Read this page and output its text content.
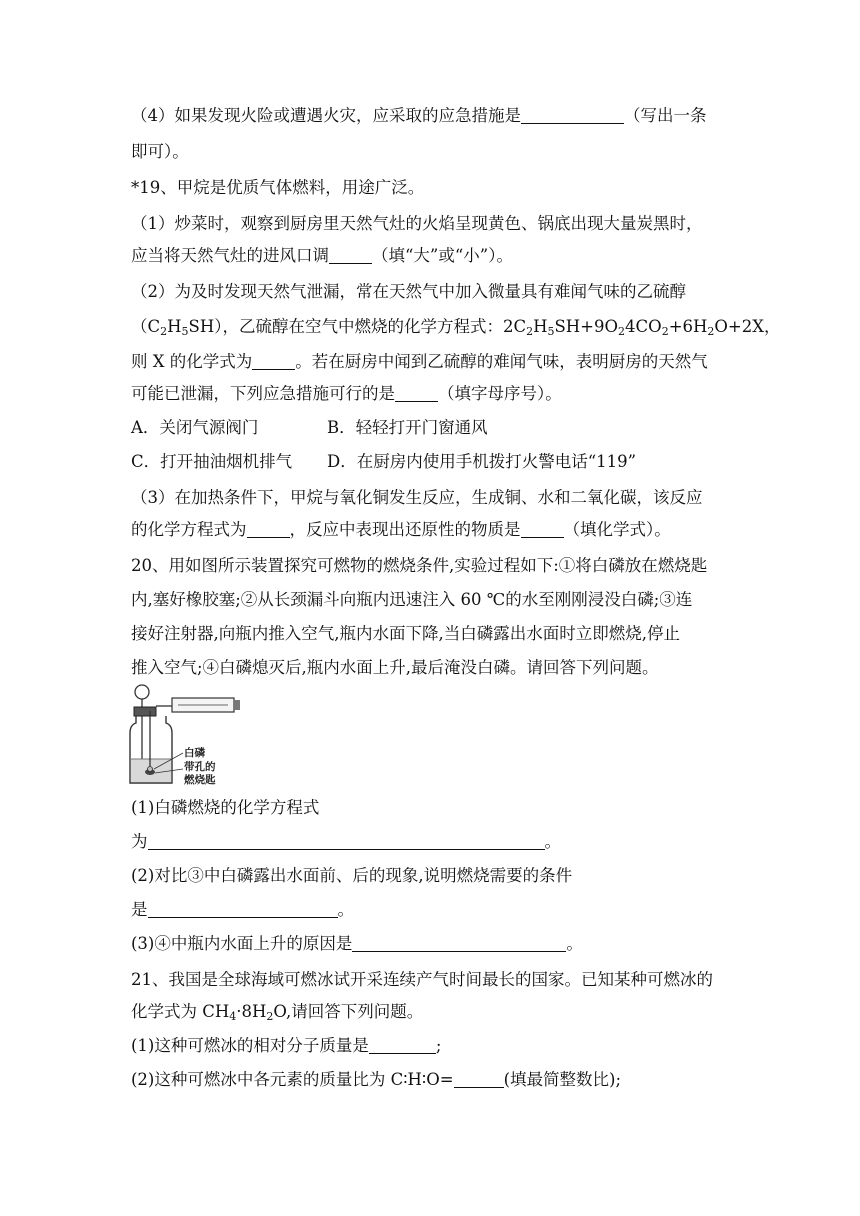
（4）如果发现火险或遭遇火灾，应采取的应急措施是	（写出一条
即可）。
*19、甲烷是优质气体燃料，用途广泛。
（1）炒菜时，观察到厨房里天然气灶的火焰呈现黄色、锅底出现大量炭黑时，
应当将天然气灶的进风口调	（填“大”或“小”）。
（2）为及时发现天然气泄漏，常在天然气中加入微量具有难闻气味的乙硫醇
$(C_2H_5SH)$，乙硫醇在空气中燃烧的化学方程式：$2C_2H_5SH+9O_24CO_2+6H_2O+2X$，
则 X 的化学式为	。若在厨房中闻到乙硫醇的难闻气味，表明厨房的天然气
可能已泄漏，下列应急措施可行的是	（填字母序号）。
A．关闭气源阀门	B．轻轻打开门窗通风
C．打开抽油烟机排气 D．在厨房内使用手机拨打火警电话“119”
（3）在加热条件下，甲烷与氧化铜发生反应，生成铜、水和二氧化碳，该反应
的化学方程式为	，反应中表现出还原性的物质是	（填化学式）。
20、用如图所示装置探究可燃物的燃烧条件,实验过程如下:①将白磷放在燃烧匙
内,塞好橡胶塞;②从长颈漏斗向瓶内迅速注入 60 ℃的水至刚刚浸没白磷;③连
接好注射器,向瓶内推入空气,瓶内水面下降,当白磷露出水面时立即燃烧,停止
推入空气;④白磷熄灭后,瓶内水面上升,最后淹没白磷。请回答下列问题。
白磷
带孔的
燃烧匙
(1)白磷燃烧的化学方程式
为	。
(2)对比③中白磷露出水面前、后的现象,说明燃烧需要的条件
是	。
(3)④中瓶内水面上升的原因是	。
21、我国是全球海域可燃冰试开采连续产气时间最长的国家。已知某种可燃冰的
化学式为 $CH_4\cdot 8H_2O$,请回答下列问题。
(1)这种可燃冰的相对分子质量是	;
(2)这种可燃冰中各元素的质量比为 C∶H∶O=	(填最简整数比);
